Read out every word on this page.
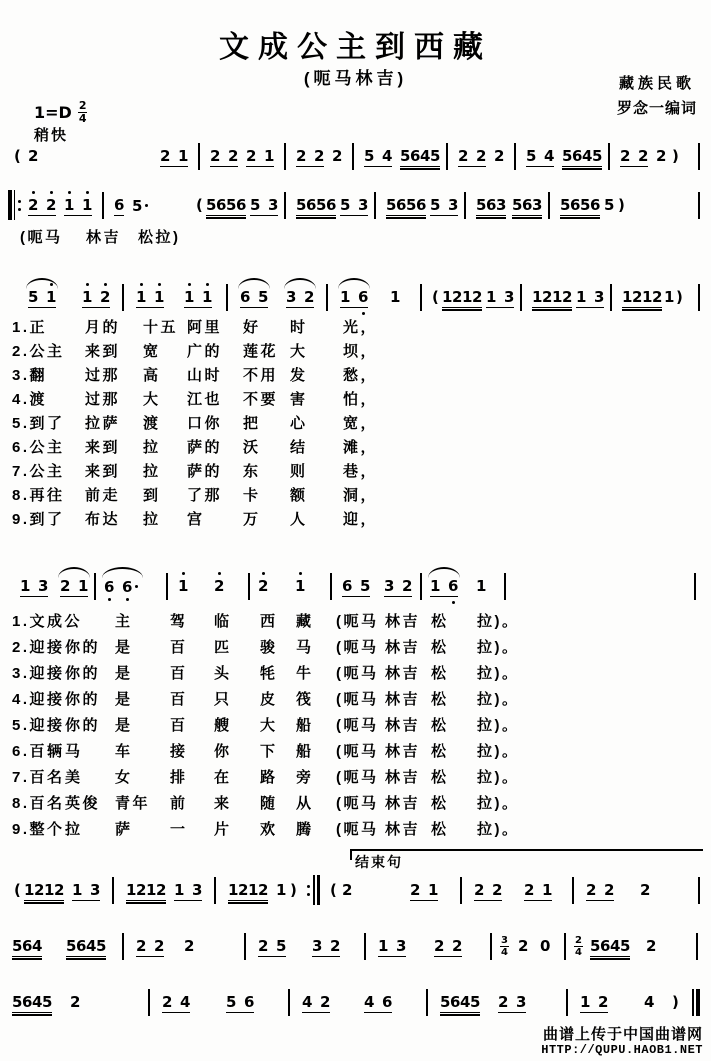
文成公主到西藏
(呃马林吉)	藏族民歌
罗念一编词
$1=D \frac{2}{4}$
稍快
( 2	2 1 2 2 2 1 2 2 2 5 4 5645 2 2 2 5 4 5645 2 2 2 )
2 2 1 1 6 5	( 5656 5 3 5656 5 3 5656 5 3 563 563 5656 5 )
5 1 1 2 1 1 1 1 6 5 3 2 1 6 1 ( 1212 1 3 1212 1 3 1212 1 )
1 3 2 1 6 6	1 2 2 1 6 5 3 2 1 6 1
( 1212 1 3 1212 1 3 1212 1 ) ( 2	2 1 2 2 2 1 2 2 2
564 5645 2 2 2	2 5 3 2	1 3 2 2	$\frac{3}{4} 2$ $0 \frac{2}{4} 5645$ 2
5645 2	2 4 5 6	4 2 4 6	5645 2 3	1 2 4 )
1.正	月的 十五 阿里 好 时 光，
2.公主 来到 宽 广的 莲花 大 坝，
3.翻	过那 高 山时 不用 发 愁，
4.渡	过那 大 江也 不要 害 怕，
5.到了 拉萨 渡 口你 把 心 宽，
6.公主 来到 拉 萨的 沃 结 滩，
7.公主 来到 拉 萨的 东 则 巷，
8.再往 前走 到 了那 卡 额 洞，
9.到了 布达 拉 宫	万 人 迎，
1.文成公 主 驾 临 西 藏 (呃马 林吉 松 拉)。
2.迎接 你的 是 百 匹 骏 马 (呃马 林吉 松 拉)。
3.迎接 你的 是 百 头 牦 牛 (呃马 林吉 松 拉)。
4.迎接 你的 是 百 只 皮 筏 (呃马 林吉 松 拉)。
5.迎接 你的 是 百 艘 大 船 (呃马 林吉 松 拉)。
6.百辆 马 车 接 你 下 船 (呃马 林吉 松 拉)。
7.百名 美 女 排 在 路 旁 (呃马 林吉 松 拉)。
8.百名 英俊 青年 前 来 随 从 (呃马 林吉 松 拉)。
9.整个 拉 萨 一 片 欢 腾 (呃马 林吉 松 拉)。
(呃马 林吉 松拉)
结束句
曲谱上传于中国曲谱网
HTTP://QUPU.HAOB1.NET
